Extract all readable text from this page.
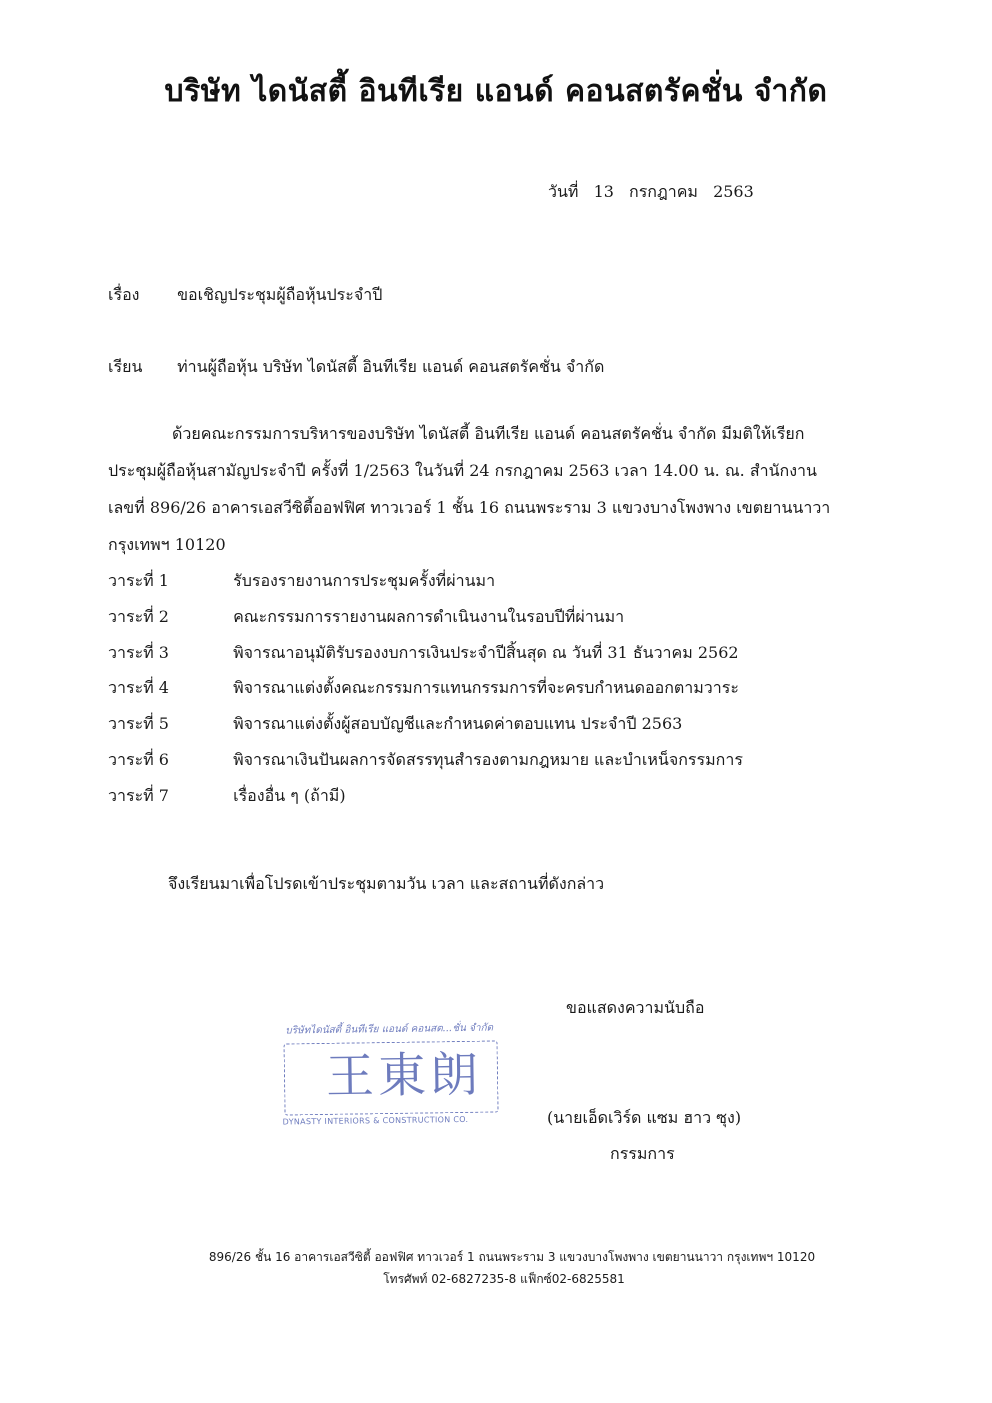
บริษัท ไดนัสตี้ อินทีเรีย แอนด์ คอนสตรัคชั่น จำกัด
วันที่ 13 กรกฎาคม 2563
เรื่อง ขอเชิญประชุมผู้ถือหุ้นประจำปี
เรียน ท่านผู้ถือหุ้น บริษัท ไดนัสตี้ อินทีเรีย แอนด์ คอนสตรัคชั่น จำกัด
ด้วยคณะกรรมการบริหารของบริษัท ไดนัสตี้ อินทีเรีย แอนด์ คอนสตรัคชั่น จำกัด มีมติให้เรียก
ประชุมผู้ถือหุ้นสามัญประจำปี ครั้งที่ 1/2563 ในวันที่ 24 กรกฎาคม 2563 เวลา 14.00 น. ณ. สำนักงาน
เลขที่ 896/26 อาคารเอสวีซิตี้ออฟฟิศ ทาวเวอร์ 1 ชั้น 16 ถนนพระราม 3 แขวงบางโพงพาง เขตยานนาวา
กรุงเทพฯ 10120
วาระที่ 1	รับรองรายงานการประชุมครั้งที่ผ่านมา
วาระที่ 2	คณะกรรมการรายงานผลการดำเนินงานในรอบปีที่ผ่านมา
วาระที่ 3	พิจารณาอนุมัติรับรองงบการเงินประจำปีสิ้นสุด ณ วันที่ 31 ธันวาคม 2562
วาระที่ 4	พิจารณาแต่งตั้งคณะกรรมการแทนกรรมการที่จะครบกำหนดออกตามวาระ
วาระที่ 5	พิจารณาแต่งตั้งผู้สอบบัญชีและกำหนดค่าตอบแทน ประจำปี 2563
วาระที่ 6	พิจารณาเงินปันผลการจัดสรรทุนสำรองตามกฎหมาย และบำเหน็จกรรมการ
วาระที่ 7	เรื่องอื่น ๆ (ถ้ามี)
จึงเรียนมาเพื่อโปรดเข้าประชุมตามวัน เวลา และสถานที่ดังกล่าว
ขอแสดงความนับถือ
บริษัทไดนัสตี้ อินทีเรีย แอนด์ คอนสต...ชั่น จำกัด
王東朗
DYNASTY INTERIORS & CONSTRUCTION CO.	(นายเอ็ดเวิร์ด แซม ฮาว ซุง)
กรรมการ
896/26 ชั้น 16 อาคารเอสวีซิตี้ ออฟฟิศ ทาวเวอร์ 1 ถนนพระราม 3 แขวงบางโพงพาง เขตยานนาวา กรุงเทพฯ 10120
โทรศัพท์ 02-6827235-8 แฟ็กซ์02-6825581
